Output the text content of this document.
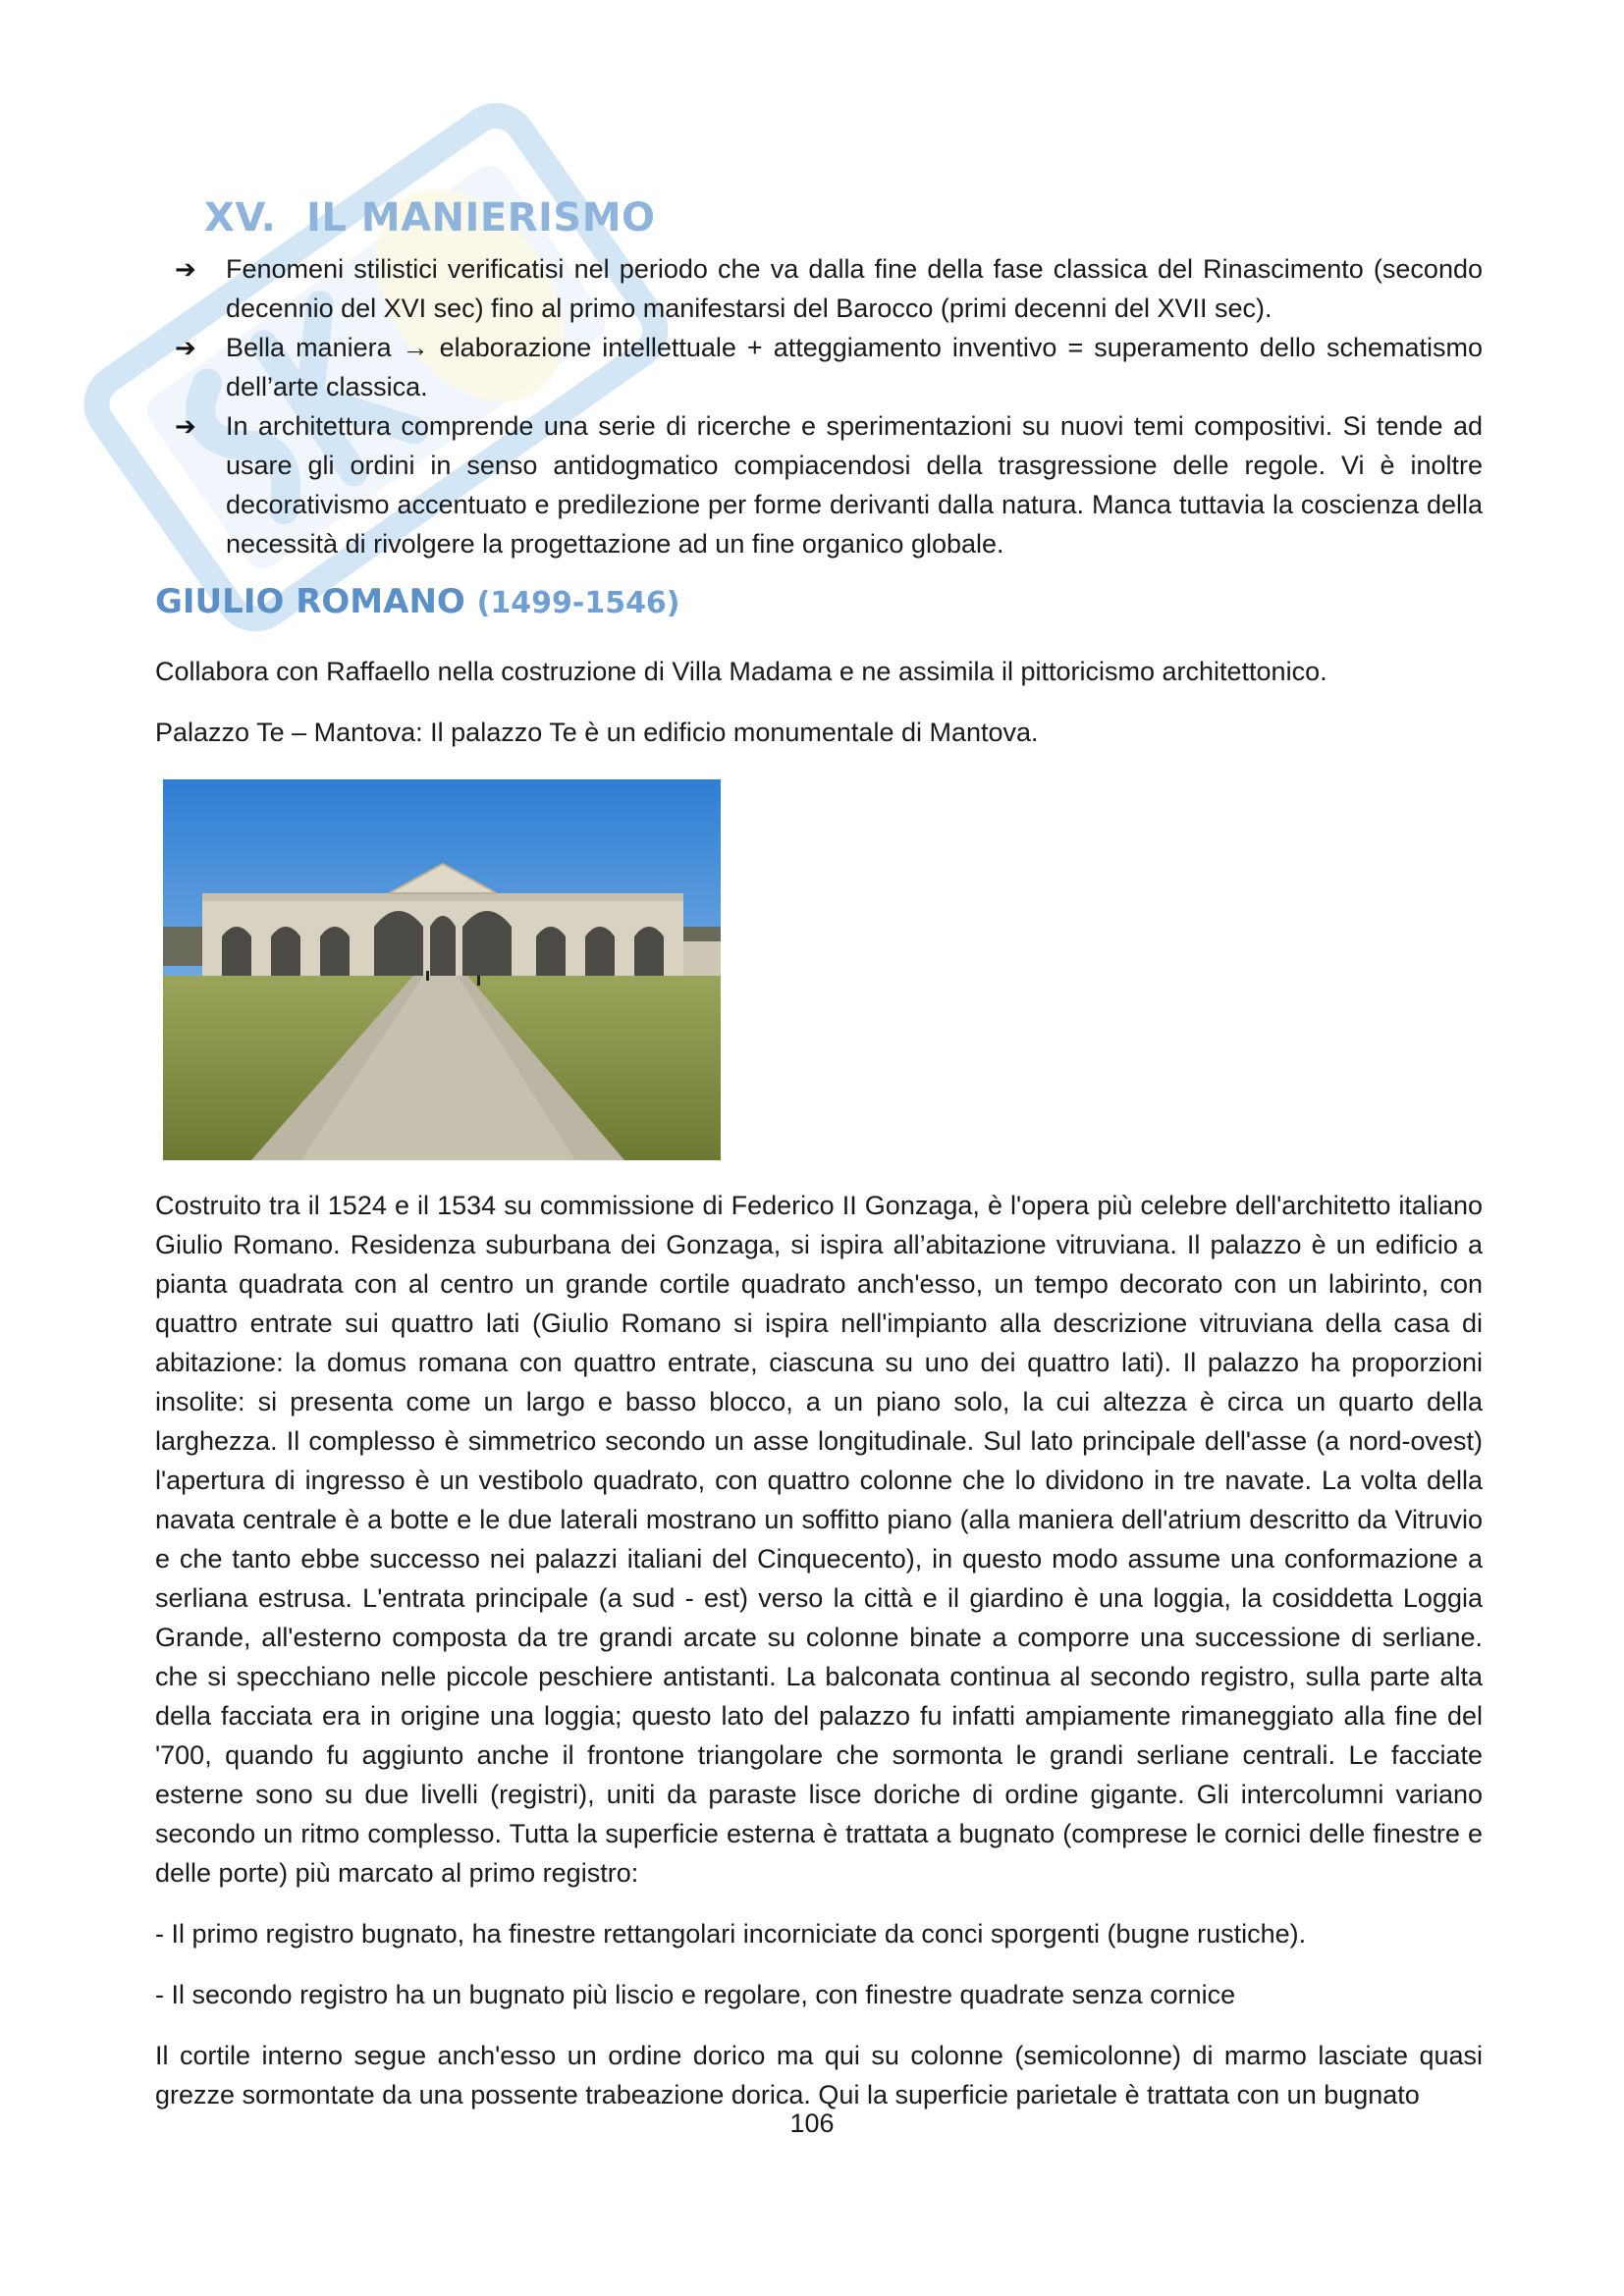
XV. IL MANIERISMO
➔ Fenomeni stilistici verificatisi nel periodo che va dalla fine della fase classica del Rinascimento (secondo decennio del XVI sec) fino al primo manifestarsi del Barocco (primi decenni del XVII sec).
➔ Bella maniera → elaborazione intellettuale + atteggiamento inventivo = superamento dello schematismo dell’arte classica.
➔ In architettura comprende una serie di ricerche e sperimentazioni su nuovi temi compositivi. Si tende ad usare gli ordini in senso antidogmatico compiacendosi della trasgressione delle regole. Vi è inoltre decorativismo accentuato e predilezione per forme derivanti dalla natura. Manca tuttavia la coscienza della necessità di rivolgere la progettazione ad un fine organico globale.
GIULIO ROMANO (1499-1546)

Collabora con Raffaello nella costruzione di Villa Madama e ne assimila il pittoricismo architettonico.

Palazzo Te – Mantova: Il palazzo Te è un edificio monumentale di Mantova.

Costruito tra il 1524 e il 1534 su commissione di Federico II Gonzaga, è l'opera più celebre dell'architetto italiano Giulio Romano. Residenza suburbana dei Gonzaga, si ispira all’abitazione vitruviana. Il palazzo è un edificio a pianta quadrata con al centro un grande cortile quadrato anch'esso, un tempo decorato con un labirinto, con quattro entrate sui quattro lati (Giulio Romano si ispira nell'impianto alla descrizione vitruviana della casa di abitazione: la domus romana con quattro entrate, ciascuna su uno dei quattro lati). Il palazzo ha proporzioni insolite: si presenta come un largo e basso blocco, a un piano solo, la cui altezza è circa un quarto della larghezza. Il complesso è simmetrico secondo un asse longitudinale. Sul lato principale dell'asse (a nord-ovest) l'apertura di ingresso è un vestibolo quadrato, con quattro colonne che lo dividono in tre navate. La volta della navata centrale è a botte e le due laterali mostrano un soffitto piano (alla maniera dell'atrium descritto da Vitruvio e che tanto ebbe successo nei palazzi italiani del Cinquecento), in questo modo assume una conformazione a serliana estrusa. L'entrata principale (a sud - est) verso la città e il giardino è una loggia, la cosiddetta Loggia Grande, all'esterno composta da tre grandi arcate su colonne binate a comporre una successione di serliane. che si specchiano nelle piccole peschiere antistanti. La balconata continua al secondo registro, sulla parte alta della facciata era in origine una loggia; questo lato del palazzo fu infatti ampiamente rimaneggiato alla fine del '700, quando fu aggiunto anche il frontone triangolare che sormonta le grandi serliane centrali. Le facciate esterne sono su due livelli (registri), uniti da paraste lisce doriche di ordine gigante. Gli intercolumni variano secondo un ritmo complesso. Tutta la superficie esterna è trattata a bugnato (comprese le cornici delle finestre e delle porte) più marcato al primo registro:

- Il primo registro bugnato, ha finestre rettangolari incorniciate da conci sporgenti (bugne rustiche).

- Il secondo registro ha un bugnato più liscio e regolare, con finestre quadrate senza cornice

Il cortile interno segue anch'esso un ordine dorico ma qui su colonne (semicolonne) di marmo lasciate quasi grezze sormontate da una possente trabeazione dorica. Qui la superficie parietale è trattata con un bugnato

106
